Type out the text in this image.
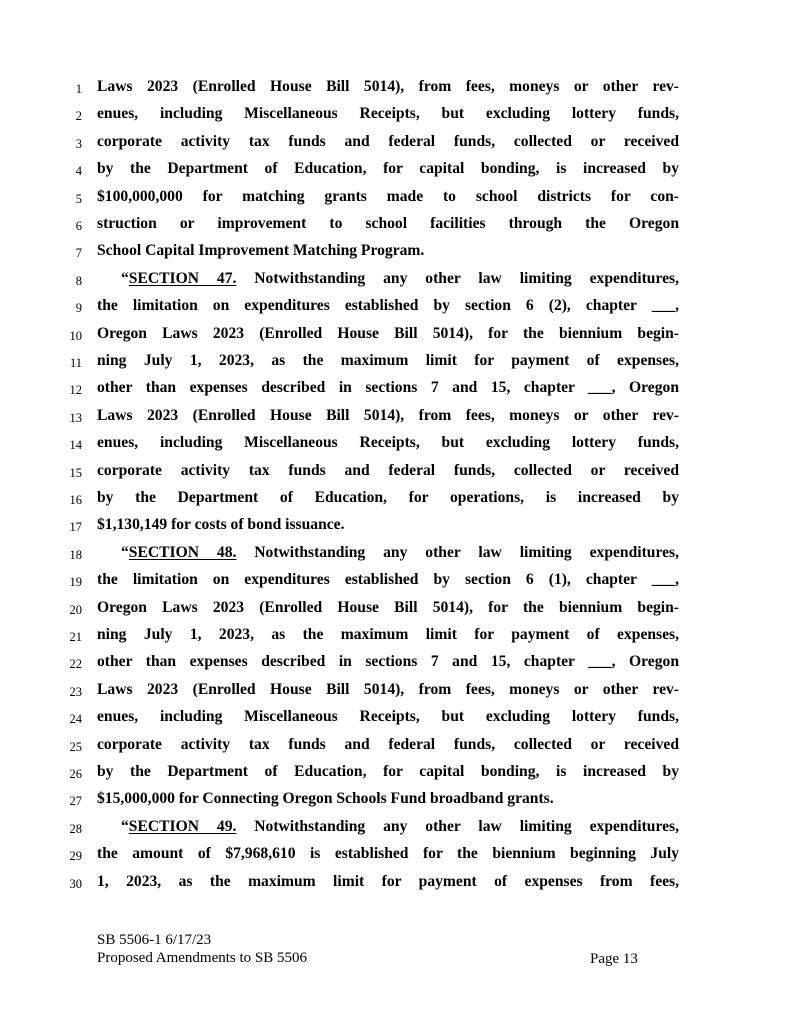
1 Laws 2023 (Enrolled House Bill 5014), from fees, moneys or other rev-
2 enues, including Miscellaneous Receipts, but excluding lottery funds,
3 corporate activity tax funds and federal funds, collected or received
4 by the Department of Education, for capital bonding, is increased by
5 $100,000,000 for matching grants made to school districts for con-
6 struction or improvement to school facilities through the Oregon
7 School Capital Improvement Matching Program.
8	“SECTION 47. Notwithstanding any other law limiting expenditures,
9 the limitation on expenditures established by section 6 (2), chapter ___,
10 Oregon Laws 2023 (Enrolled House Bill 5014), for the biennium begin-
11 ning July 1, 2023, as the maximum limit for payment of expenses,
12 other than expenses described in sections 7 and 15, chapter ___, Oregon
13 Laws 2023 (Enrolled House Bill 5014), from fees, moneys or other rev-
14 enues, including Miscellaneous Receipts, but excluding lottery funds,
15 corporate activity tax funds and federal funds, collected or received
16 by the Department of Education, for operations, is increased by
17 $1,130,149 for costs of bond issuance.
18	“SECTION 48. Notwithstanding any other law limiting expenditures,
19 the limitation on expenditures established by section 6 (1), chapter ___,
20 Oregon Laws 2023 (Enrolled House Bill 5014), for the biennium begin-
21 ning July 1, 2023, as the maximum limit for payment of expenses,
22 other than expenses described in sections 7 and 15, chapter ___, Oregon
23 Laws 2023 (Enrolled House Bill 5014), from fees, moneys or other rev-
24 enues, including Miscellaneous Receipts, but excluding lottery funds,
25 corporate activity tax funds and federal funds, collected or received
26 by the Department of Education, for capital bonding, is increased by
27 $15,000,000 for Connecting Oregon Schools Fund broadband grants.
28	“SECTION 49. Notwithstanding any other law limiting expenditures,
29 the amount of $7,968,610 is established for the biennium beginning July
30 1, 2023, as the maximum limit for payment of expenses from fees,
SB 5506-1 6/17/23
Proposed Amendments to SB 5506	Page 13
